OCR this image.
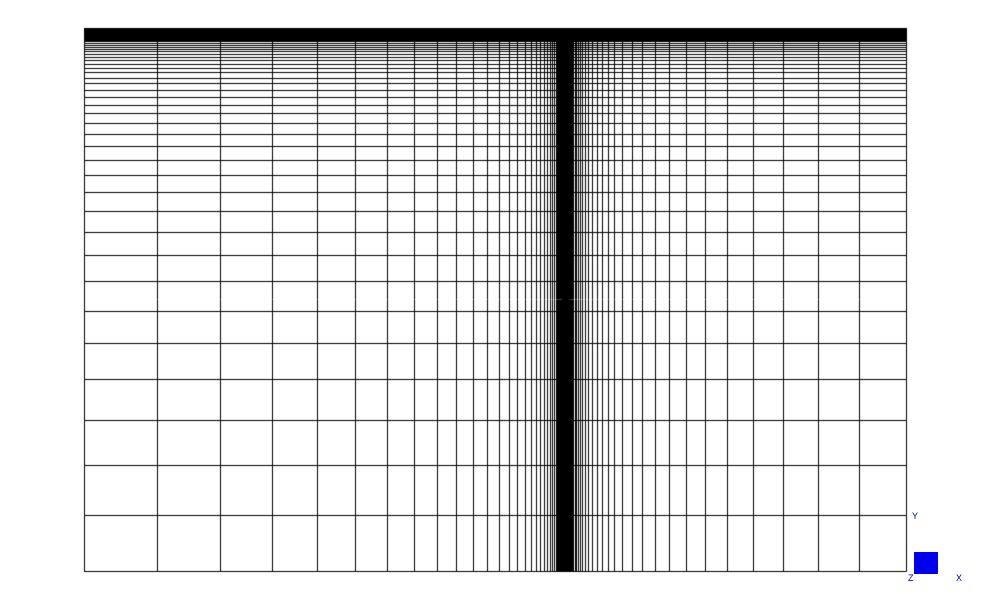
Y
X
Z
